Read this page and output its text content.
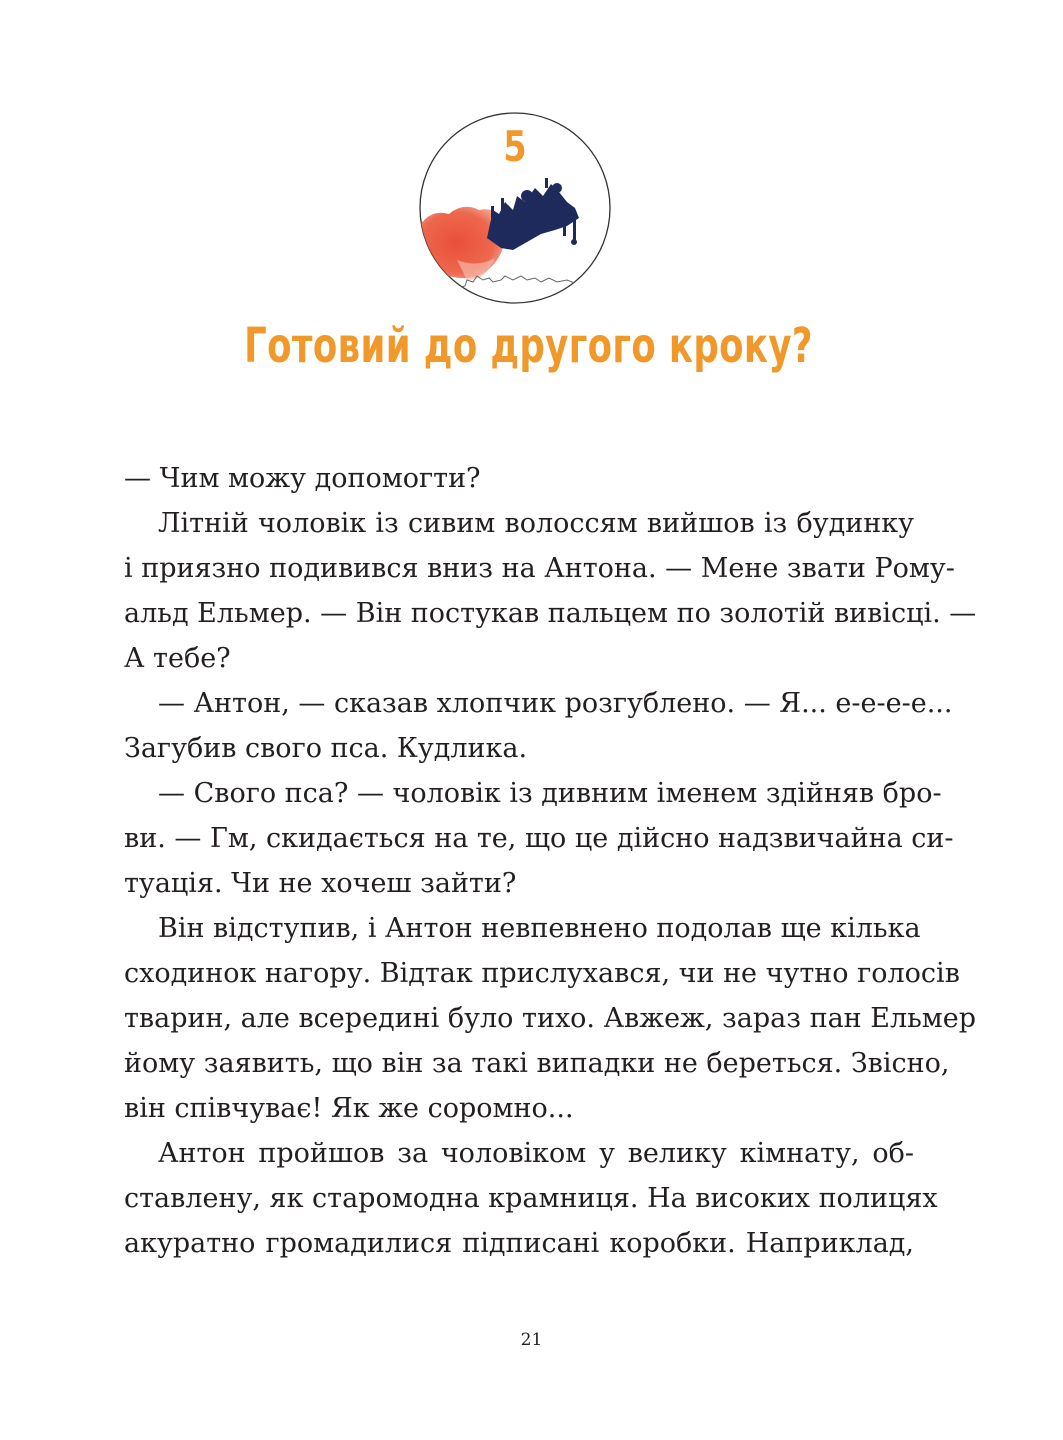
5
Готовий до другого кроку?
— Чим можу допомогти?
Літній чоловік із сивим волоссям вийшов із будинку
і приязно подивився вниз на Антона. — Мене звати Рому-
альд Ельмер. — Він постукав пальцем по золотій вивісці. —
А тебе?
— Антон, — сказав хлопчик розгублено. — Я... е-е-е-е...
Загубив свого пса. Кудлика.
— Свого пса? — чоловік із дивним іменем здійняв бро-
ви. — Гм, скидається на те, що це дійсно надзвичайна си-
туація. Чи не хочеш зайти?
Він відступив, і Антон невпевнено подолав ще кілька
сходинок нагору. Відтак прислухався, чи не чутно голосів
тварин, але всередині було тихо. Авжеж, зараз пан Ельмер
йому заявить, що він за такі випадки не береться. Звісно,
він співчуває! Як же соромно...
Антон пройшов за чоловіком у велику кімнату, об-
ставлену, як старомодна крамниця. На високих полицях
акуратно громадилися підписані коробки. Наприклад,
21
